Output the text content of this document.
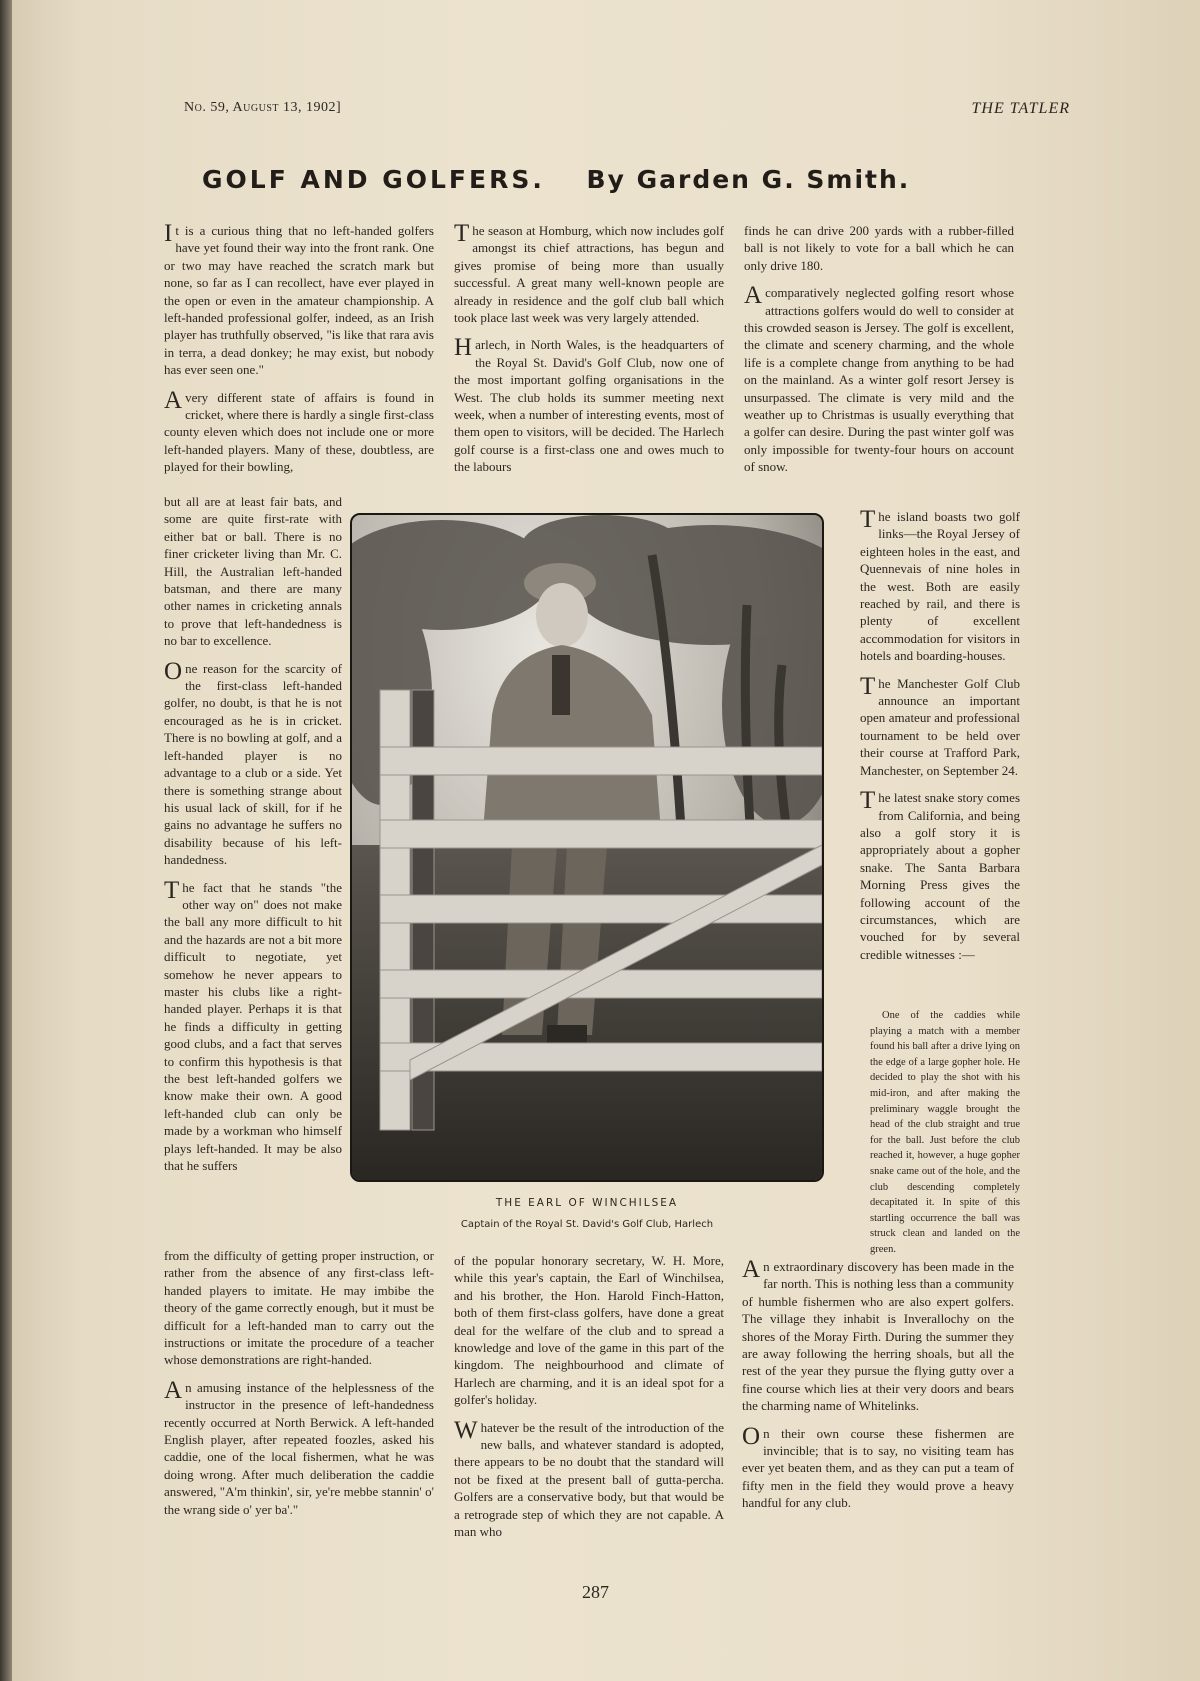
No. 59, August 13, 1902]	THE TATLER
GOLF AND GOLFERS. By Garden G. Smith.

It is a curious thing that no left-handed golfers have yet found their way into the front rank. One or two may have reached the scratch mark but none, so far as I can recollect, have ever played in the open or even in the amateur championship. A left-handed professional golfer, indeed, as an Irish player has truthfully observed, "is like that rara avis in terra, a dead donkey; he may exist, but nobody has ever seen one."

Avery different state of affairs is found in cricket, where there is hardly a single first-class county eleven which does not include one or more left-handed players. Many of these, doubtless, are played for their bowling,

but all are at least fair bats, and some are quite first-rate with either bat or ball. There is no finer cricketer living than Mr. C. Hill, the Australian left-handed batsman, and there are many other names in cricketing annals to prove that left-handedness is no bar to excellence.

One reason for the scarcity of the first-class left-handed golfer, no doubt, is that he is not encouraged as he is in cricket. There is no bowling at golf, and a left-handed player is no advantage to a club or a side. Yet there is something strange about his usual lack of skill, for if he gains no advantage he suffers no disability because of his left-handedness.

The fact that he stands "the other way on" does not make the ball any more difficult to hit and the hazards are not a bit more difficult to negotiate, yet somehow he never appears to master his clubs like a right-handed player. Perhaps it is that he finds a difficulty in getting good clubs, and a fact that serves to confirm this hypothesis is that the best left-handed golfers we know make their own. A good left-handed club can only be made by a workman who himself plays left-handed. It may be also that he suffers

from the difficulty of getting proper instruction, or rather from the absence of any first-class left-handed players to imitate. He may imbibe the theory of the game correctly enough, but it must be difficult for a left-handed man to carry out the instructions or imitate the procedure of a teacher whose demonstrations are right-handed.

An amusing instance of the helplessness of the instructor in the presence of left-handedness recently occurred at North Berwick. A left-handed English player, after repeated foozles, asked his caddie, one of the local fishermen, what he was doing wrong. After much deliberation the caddie answered, "A'm thinkin', sir, ye're mebbe stannin' o' the wrang side o' yer ba'."

The season at Homburg, which now includes golf amongst its chief attractions, has begun and gives promise of being more than usually successful. A great many well-known people are already in residence and the golf club ball which took place last week was very largely attended.

Harlech, in North Wales, is the headquarters of the Royal St. David's Golf Club, now one of the most important golfing organisations in the West. The club holds its summer meeting next week, when a number of interesting events, most of them open to visitors, will be decided. The Harlech golf course is a first-class one and owes much to the labours

of the popular honorary secretary, W. H. More, while this year's captain, the Earl of Winchilsea, and his brother, the Hon. Harold Finch-Hatton, both of them first-class golfers, have done a great deal for the welfare of the club and to spread a knowledge and love of the game in this part of the kingdom. The neighbourhood and climate of Harlech are charming, and it is an ideal spot for a golfer's holiday.

Whatever be the result of the introduction of the new balls, and whatever standard is adopted, there appears to be no doubt that the standard will not be fixed at the present ball of gutta-percha. Golfers are a conservative body, but that would be a retrograde step of which they are not capable. A man who

finds he can drive 200 yards with a rubber-filled ball is not likely to vote for a ball which he can only drive 180.

Acomparatively neglected golfing resort whose attractions golfers would do well to consider at this crowded season is Jersey. The golf is excellent, the climate and scenery charming, and the whole life is a complete change from anything to be had on the mainland. As a winter golf resort Jersey is unsurpassed. The climate is very mild and the weather up to Christmas is usually everything that a golfer can desire. During the past winter golf was only impossible for twenty-four hours on account of snow.

The island boasts two golf links—the Royal Jersey of eighteen holes in the east, and Quennevais of nine holes in the west. Both are easily reached by rail, and there is plenty of excellent accommodation for visitors in hotels and boarding-houses.

The Manchester Golf Club announce an important open amateur and professional tournament to be held over their course at Trafford Park, Manchester, on September 24.

The latest snake story comes from California, and being also a golf story it is appropriately about a gopher snake. The Santa Barbara Morning Press gives the following account of the circumstances, which are vouched for by several credible witnesses :—

One of the caddies while playing a match with a member found his ball after a drive lying on the edge of a large gopher hole. He decided to play the shot with his mid-iron, and after making the preliminary waggle brought the head of the club straight and true for the ball. Just before the club reached it, however, a huge gopher snake came out of the hole, and the club descending completely decapitated it. In spite of this startling occurrence the ball was struck clean and landed on the green.

An extraordinary discovery has been made in the far north. This is nothing less than a community of humble fishermen who are also expert golfers. The village they inhabit is Inverallochy on the shores of the Moray Firth. During the summer they are away following the herring shoals, but all the rest of the year they pursue the flying gutty over a fine course which lies at their very doors and bears the charming name of Whitelinks.

On their own course these fishermen are invincible; that is to say, no visiting team has ever yet beaten them, and as they can put a team of fifty men in the field they would prove a heavy handful for any club.

THE EARL OF WINCHILSEA
Captain of the Royal St. David's Golf Club, Harlech
287
